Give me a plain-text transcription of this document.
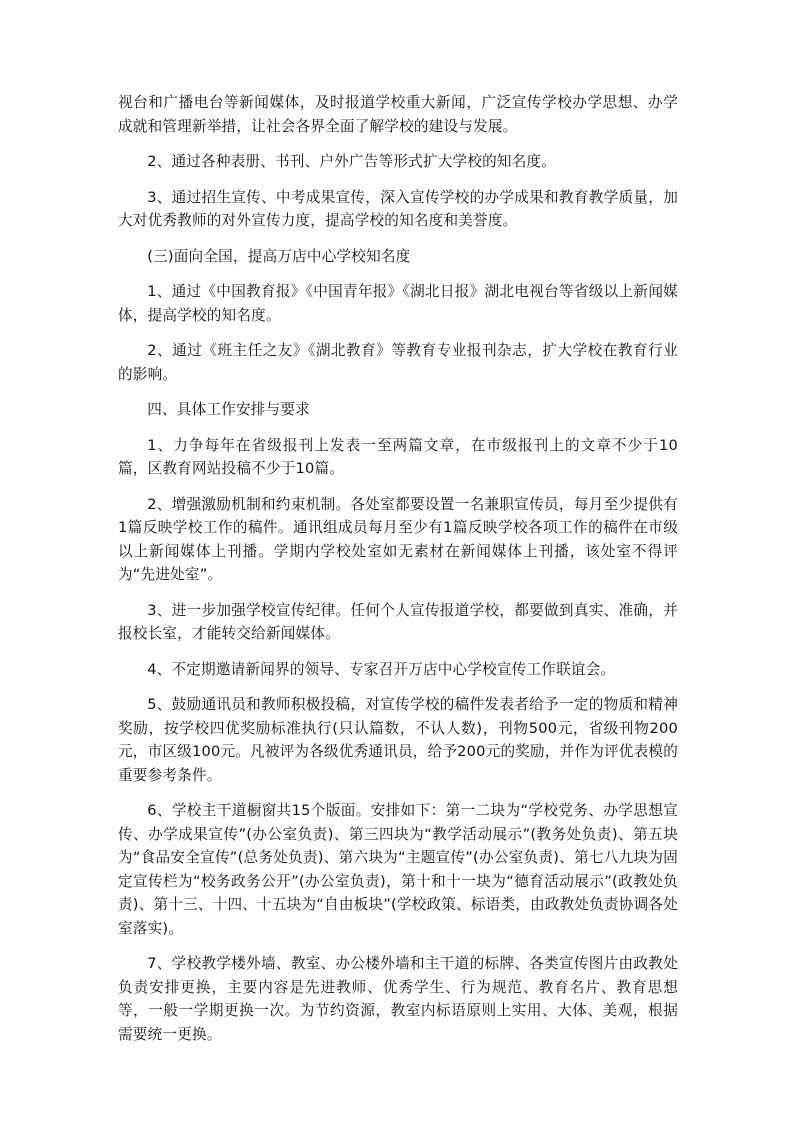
视台和广播电台等新闻媒体，及时报道学校重大新闻，广泛宣传学校办学思想、办学成就和管理新举措，让社会各界全面了解学校的建设与发展。

2、通过各种表册、书刊、户外广告等形式扩大学校的知名度。

3、通过招生宣传、中考成果宣传，深入宣传学校的办学成果和教育教学质量，加大对优秀教师的对外宣传力度，提高学校的知名度和美誉度。

(三)面向全国，提高万店中心学校知名度

1、通过《中国教育报》《中国青年报》《湖北日报》湖北电视台等省级以上新闻媒体，提高学校的知名度。

2、通过《班主任之友》《湖北教育》等教育专业报刊杂志，扩大学校在教育行业的影响。

四、具体工作安排与要求

1、力争每年在省级报刊上发表一至两篇文章，在市级报刊上的文章不少于10篇，区教育网站投稿不少于10篇。

2、增强激励机制和约束机制。各处室都要设置一名兼职宣传员，每月至少提供有1篇反映学校工作的稿件。通讯组成员每月至少有1篇反映学校各项工作的稿件在市级以上新闻媒体上刊播。学期内学校处室如无素材在新闻媒体上刊播，该处室不得评为“先进处室”。

3、进一步加强学校宣传纪律。任何个人宣传报道学校，都要做到真实、准确，并报校长室，才能转交给新闻媒体。

4、不定期邀请新闻界的领导、专家召开万店中心学校宣传工作联谊会。

5、鼓励通讯员和教师积极投稿，对宣传学校的稿件发表者给予一定的物质和精神奖励，按学校四优奖励标准执行(只认篇数，不认人数)，刊物500元，省级刊物200元，市区级100元。凡被评为各级优秀通讯员，给予200元的奖励，并作为评优表模的重要参考条件。

6、学校主干道橱窗共15个版面。安排如下：第一二块为“学校党务、办学思想宣传、办学成果宣传”(办公室负责)、第三四块为“教学活动展示”(教务处负责)、第五块为“食品安全宣传”(总务处负责)、第六块为“主题宣传”(办公室负责)、第七八九块为固定宣传栏为“校务政务公开”(办公室负责)，第十和十一块为“德育活动展示”(政教处负责)、第十三、十四、十五块为“自由板块”(学校政策、标语类，由政教处负责协调各处室落实)。

7、学校教学楼外墙、教室、办公楼外墙和主干道的标牌、各类宣传图片由政教处负责安排更换，主要内容是先进教师、优秀学生、行为规范、教育名片、教育思想等，一般一学期更换一次。为节约资源，教室内标语原则上实用、大体、美观，根据需要统一更换。
